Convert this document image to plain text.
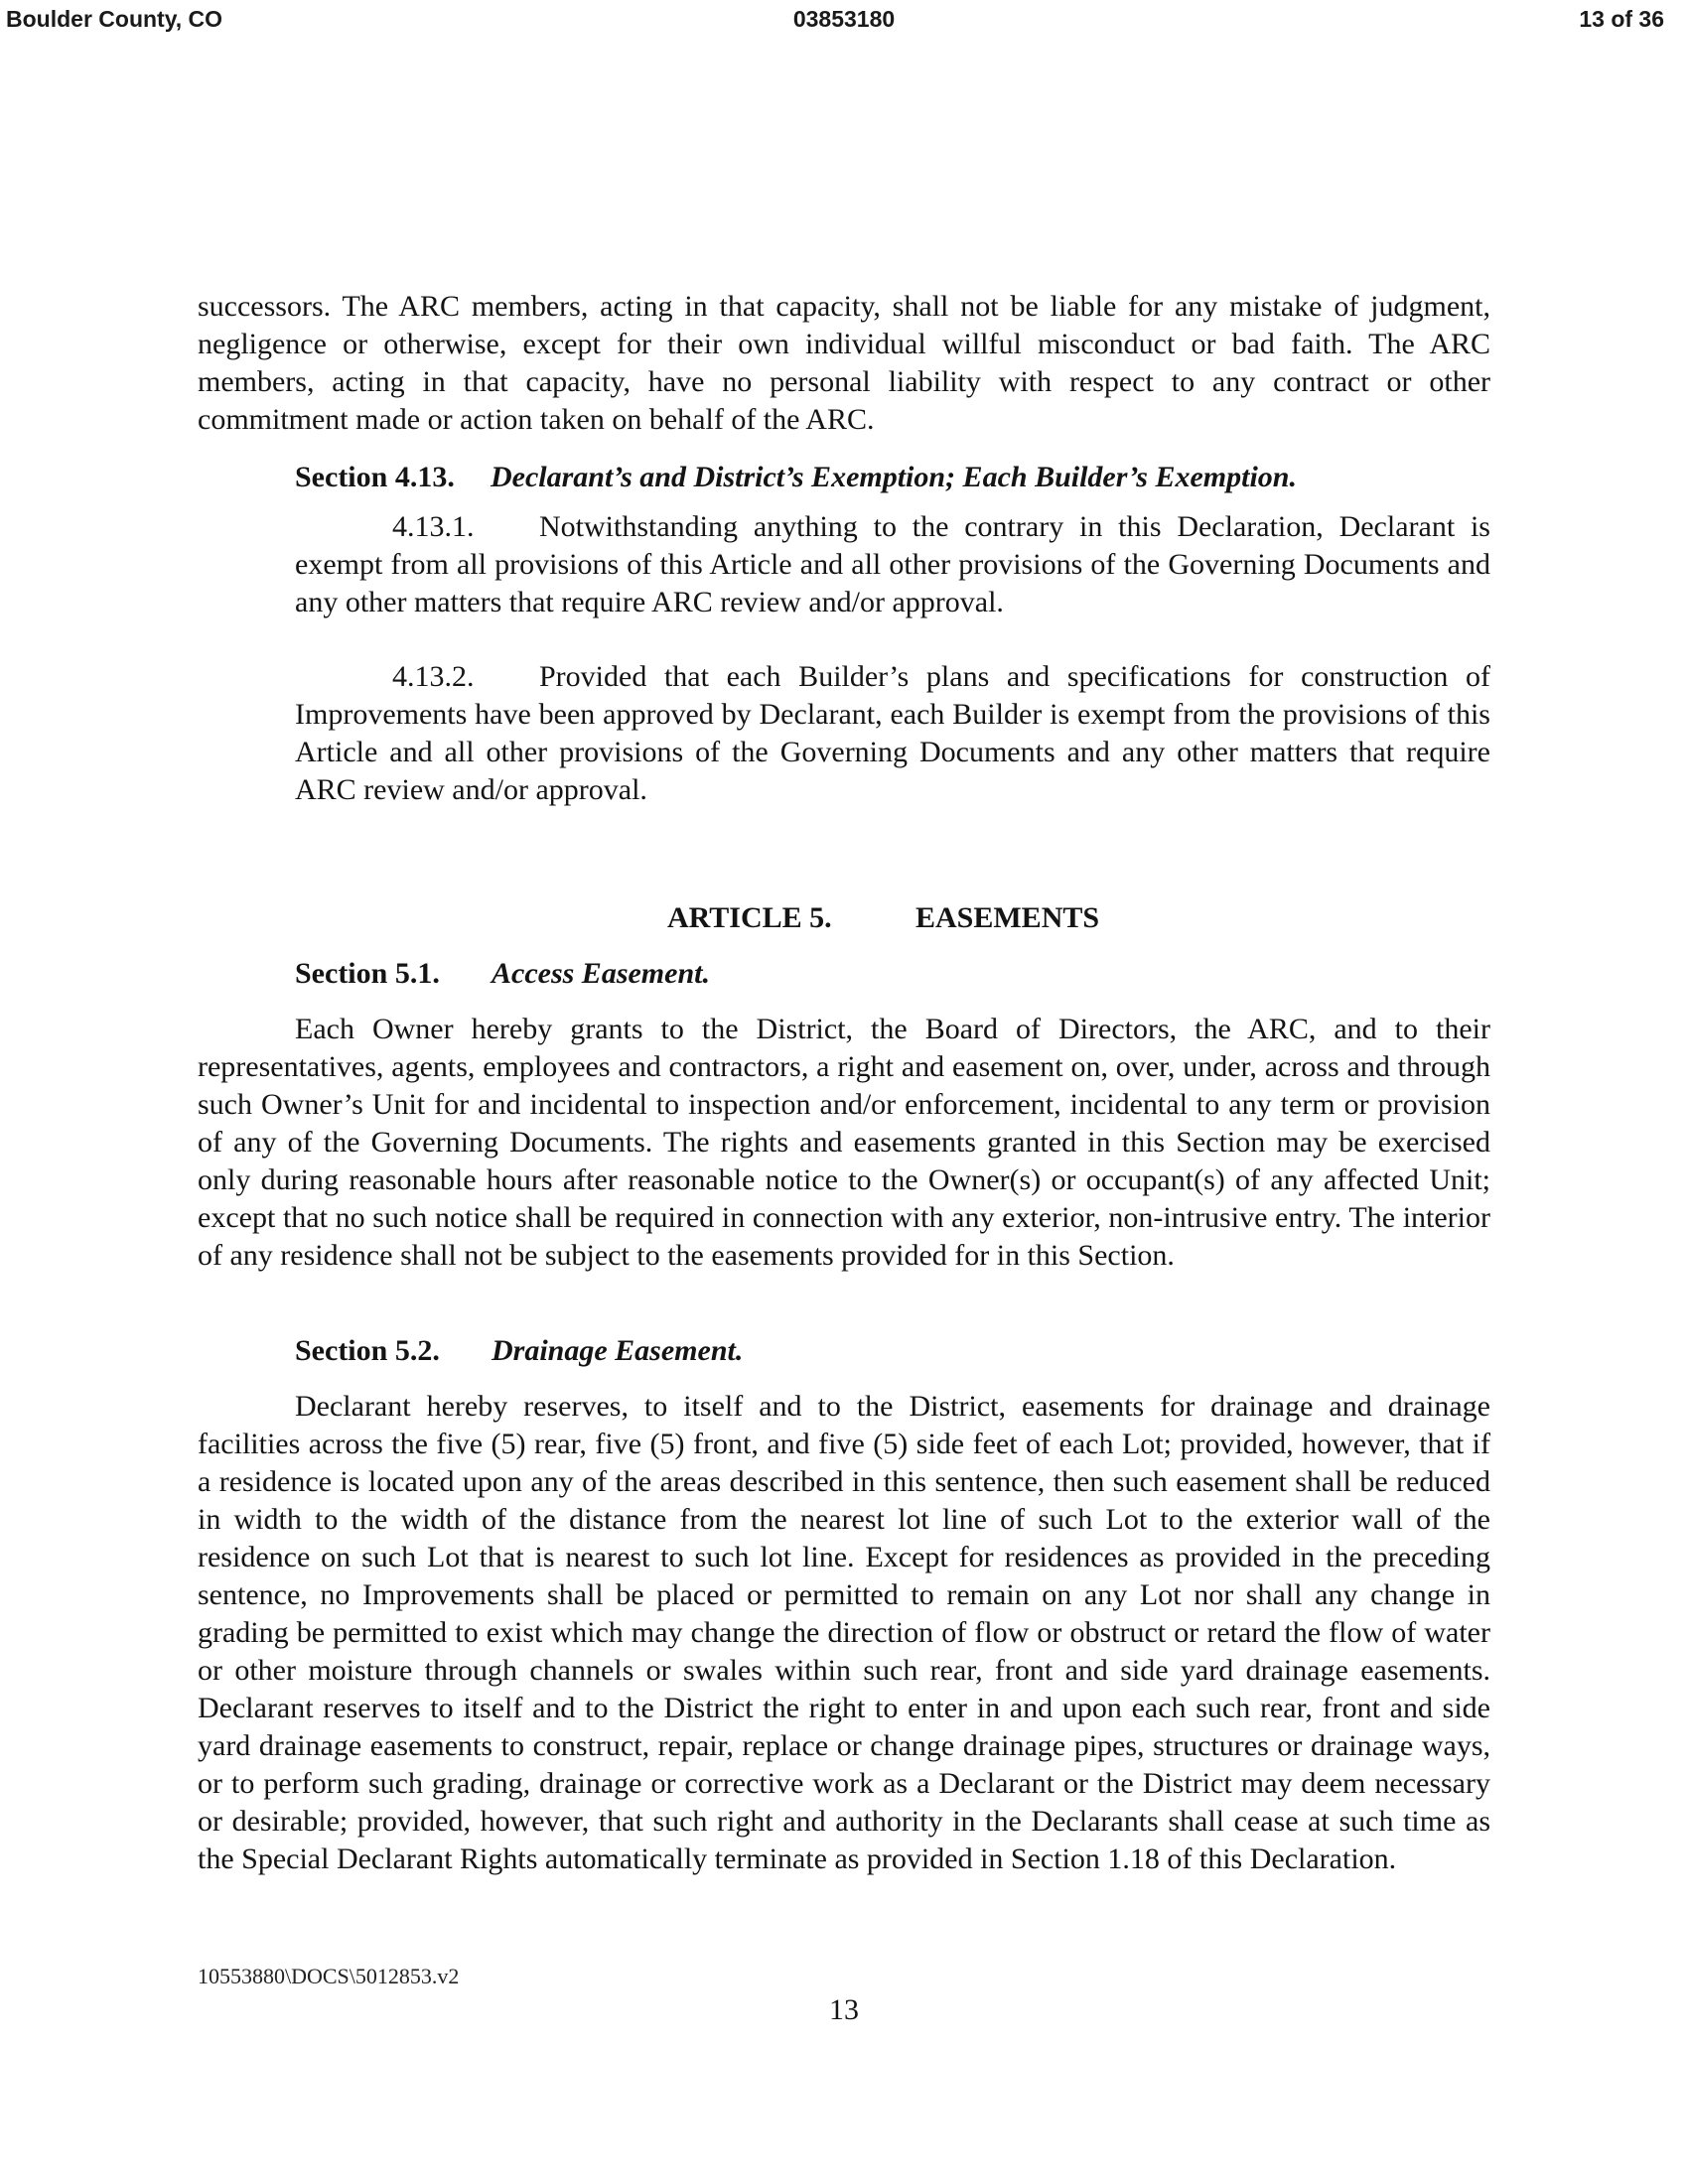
Boulder County, CO	03853180	13 of 36

successors. The ARC members, acting in that capacity, shall not be liable for any mistake of judgment, negligence or otherwise, except for their own individual willful misconduct or bad faith. The ARC members, acting in that capacity, have no personal liability with respect to any contract or other commitment made or action taken on behalf of the ARC.

Section 4.13. Declarant’s and District’s Exemption; Each Builder’s Exemption.

4.13.1. Notwithstanding anything to the contrary in this Declaration, Declarant is exempt from all provisions of this Article and all other provisions of the Governing Documents and any other matters that require ARC review and/or approval.

4.13.2. Provided that each Builder’s plans and specifications for construction of Improvements have been approved by Declarant, each Builder is exempt from the provisions of this Article and all other provisions of the Governing Documents and any other matters that require ARC review and/or approval.

ARTICLE 5.	EASEMENTS
Section 5.1. Access Easement.

Each Owner hereby grants to the District, the Board of Directors, the ARC, and to their representatives, agents, employees and contractors, a right and easement on, over, under, across and through such Owner’s Unit for and incidental to inspection and/or enforcement, incidental to any term or provision of any of the Governing Documents. The rights and easements granted in this Section may be exercised only during reasonable hours after reasonable notice to the Owner(s) or occupant(s) of any affected Unit; except that no such notice shall be required in connection with any exterior, non-intrusive entry. The interior of any residence shall not be subject to the easements provided for in this Section.

Section 5.2. Drainage Easement.

Declarant hereby reserves, to itself and to the District, easements for drainage and drainage facilities across the five (5) rear, five (5) front, and five (5) side feet of each Lot; provided, however, that if a residence is located upon any of the areas described in this sentence, then such easement shall be reduced in width to the width of the distance from the nearest lot line of such Lot to the exterior wall of the residence on such Lot that is nearest to such lot line. Except for residences as provided in the preceding sentence, no Improvements shall be placed or permitted to remain on any Lot nor shall any change in grading be permitted to exist which may change the direction of flow or obstruct or retard the flow of water or other moisture through channels or swales within such rear, front and side yard drainage easements. Declarant reserves to itself and to the District the right to enter in and upon each such rear, front and side yard drainage easements to construct, repair, replace or change drainage pipes, structures or drainage ways, or to perform such grading, drainage or corrective work as a Declarant or the District may deem necessary or desirable; provided, however, that such right and authority in the Declarants shall cease at such time as the Special Declarant Rights automatically terminate as provided in Section 1.18 of this Declaration.

10553880\DOCS\5012853.v2
13
